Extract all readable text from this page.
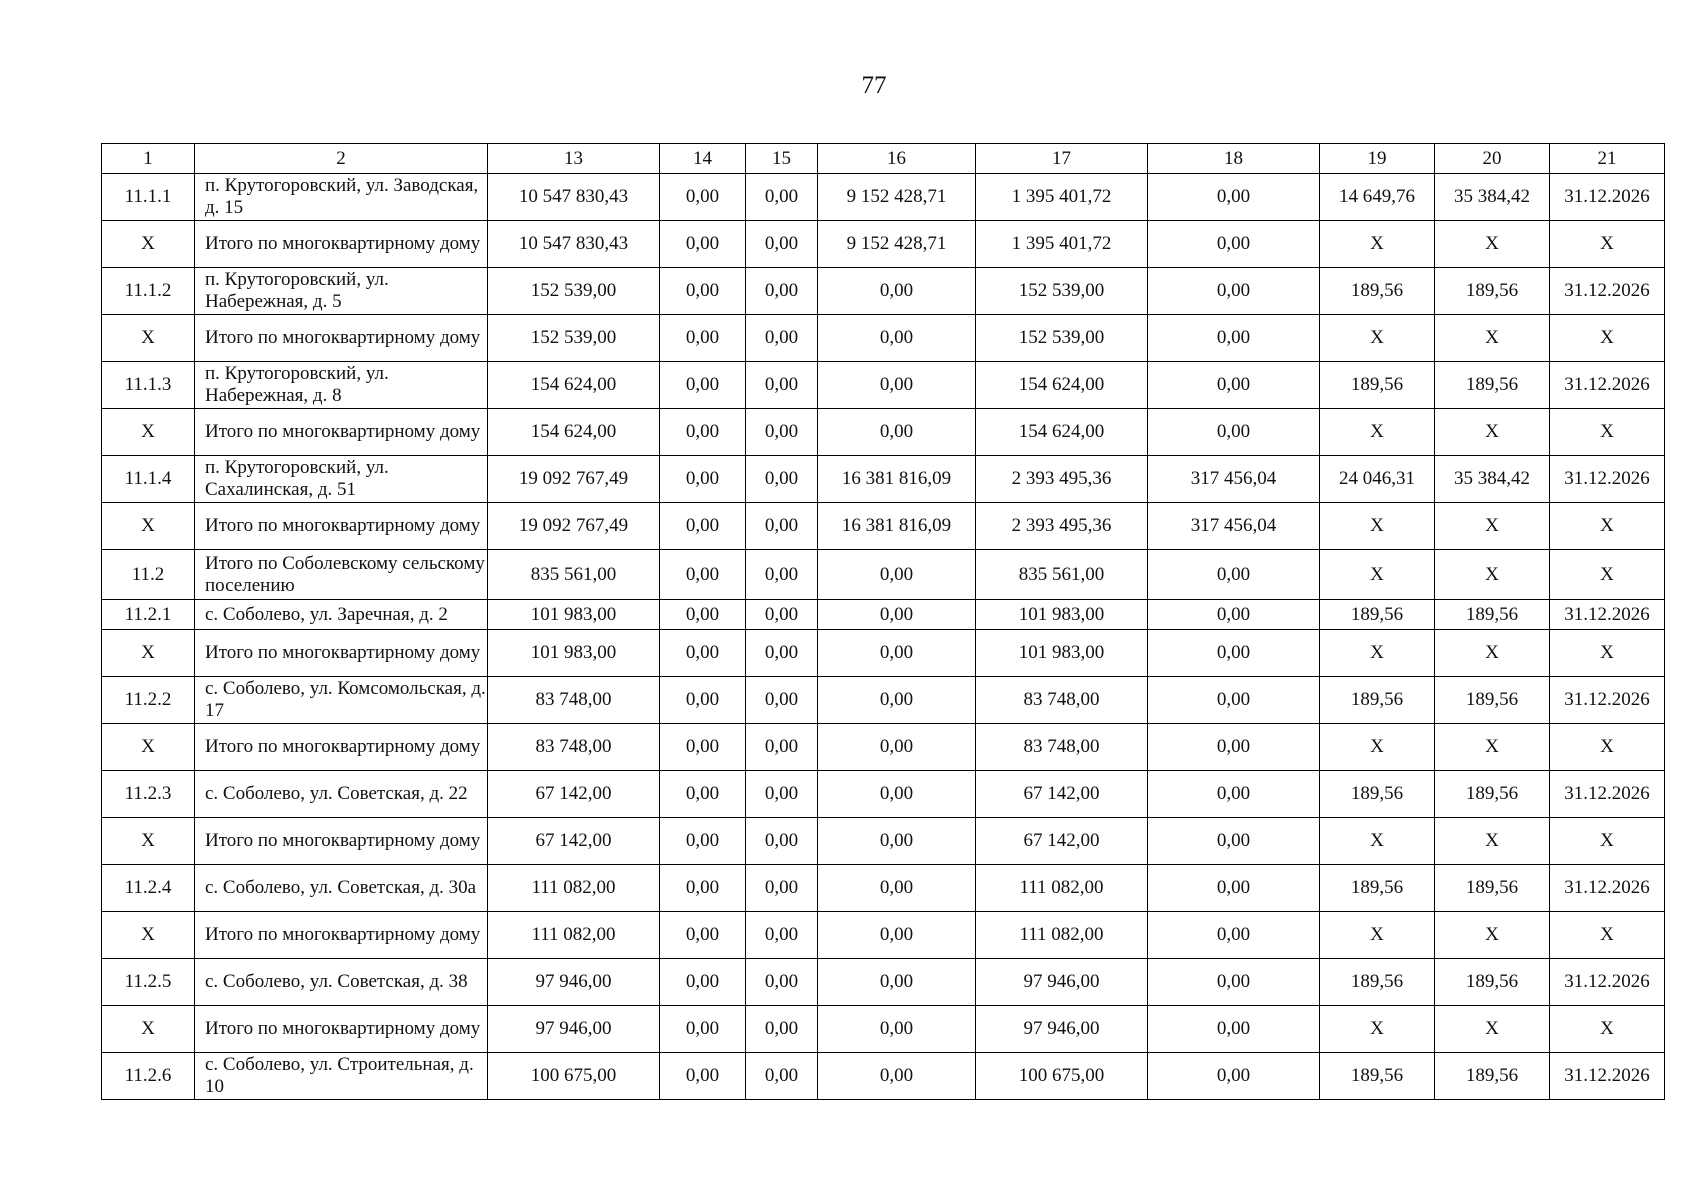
77
1	2	13	14	15	16	17	18	19	20	21
11.1.1	п. Крутогоровский, ул. Заводская, д. 15	10 547 830,43	0,00	0,00	9 152 428,71	1 395 401,72	0,00	14 649,76	35 384,42	31.12.2026
Х	Итого по многоквартирному дому	10 547 830,43	0,00	0,00	9 152 428,71	1 395 401,72	0,00	Х	Х	Х
11.1.2	п. Крутогоровский, ул. Набережная, д. 5	152 539,00	0,00	0,00	0,00	152 539,00	0,00	189,56	189,56	31.12.2026
Х	Итого по многоквартирному дому	152 539,00	0,00	0,00	0,00	152 539,00	0,00	Х	Х	Х
11.1.3	п. Крутогоровский, ул. Набережная, д. 8	154 624,00	0,00	0,00	0,00	154 624,00	0,00	189,56	189,56	31.12.2026
Х	Итого по многоквартирному дому	154 624,00	0,00	0,00	0,00	154 624,00	0,00	Х	Х	Х
11.1.4	п. Крутогоровский, ул. Сахалинская, д. 51	19 092 767,49	0,00	0,00	16 381 816,09	2 393 495,36	317 456,04	24 046,31	35 384,42	31.12.2026
Х	Итого по многоквартирному дому	19 092 767,49	0,00	0,00	16 381 816,09	2 393 495,36	317 456,04	Х	Х	Х
11.2	Итого по Соболевскому сельскому поселению	835 561,00	0,00	0,00	0,00	835 561,00	0,00	Х	Х	Х
11.2.1	с. Соболево, ул. Заречная, д. 2	101 983,00	0,00	0,00	0,00	101 983,00	0,00	189,56	189,56	31.12.2026
Х	Итого по многоквартирному дому	101 983,00	0,00	0,00	0,00	101 983,00	0,00	Х	Х	Х
11.2.2	с. Соболево, ул. Комсомольская, д. 17	83 748,00	0,00	0,00	0,00	83 748,00	0,00	189,56	189,56	31.12.2026
Х	Итого по многоквартирному дому	83 748,00	0,00	0,00	0,00	83 748,00	0,00	Х	Х	Х
11.2.3	с. Соболево, ул. Советская, д. 22	67 142,00	0,00	0,00	0,00	67 142,00	0,00	189,56	189,56	31.12.2026
Х	Итого по многоквартирному дому	67 142,00	0,00	0,00	0,00	67 142,00	0,00	Х	Х	Х
11.2.4	с. Соболево, ул. Советская, д. 30а	111 082,00	0,00	0,00	0,00	111 082,00	0,00	189,56	189,56	31.12.2026
Х	Итого по многоквартирному дому	111 082,00	0,00	0,00	0,00	111 082,00	0,00	Х	Х	Х
11.2.5	с. Соболево, ул. Советская, д. 38	97 946,00	0,00	0,00	0,00	97 946,00	0,00	189,56	189,56	31.12.2026
Х	Итого по многоквартирному дому	97 946,00	0,00	0,00	0,00	97 946,00	0,00	Х	Х	Х
11.2.6	с. Соболево, ул. Строительная, д. 10	100 675,00	0,00	0,00	0,00	100 675,00	0,00	189,56	189,56	31.12.2026
